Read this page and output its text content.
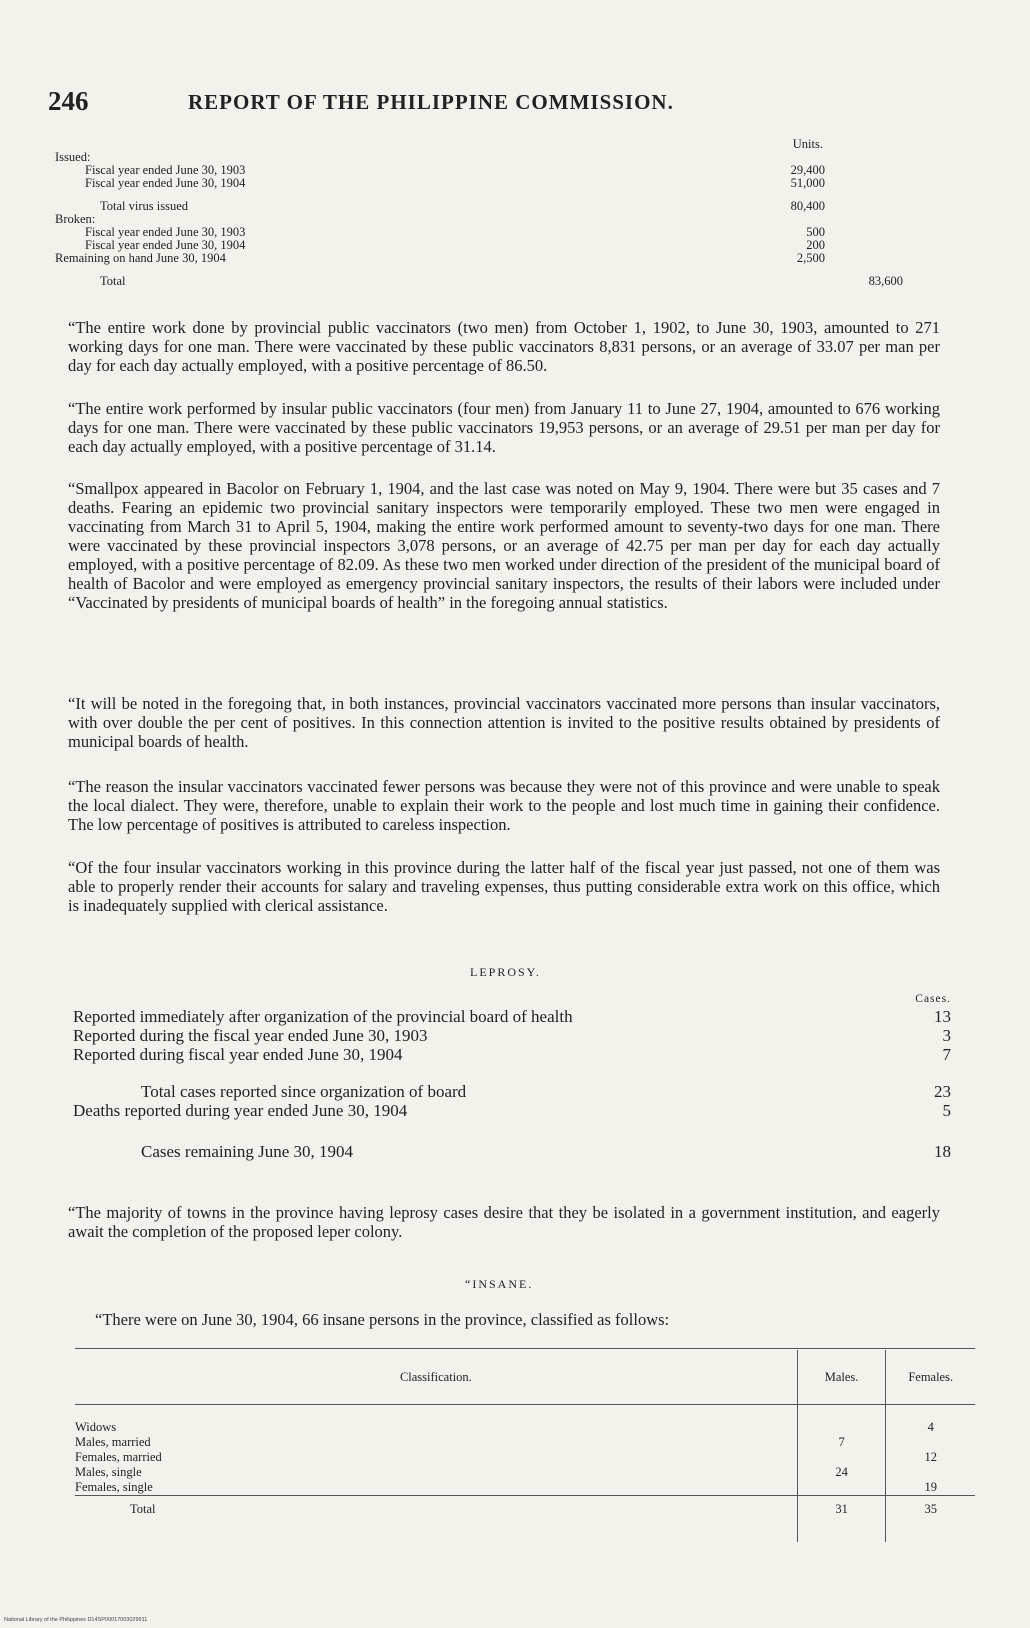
246	REPORT OF THE PHILIPPINE COMMISSION.
Units.
Issued:
Fiscal year ended June 30, 1903	29,400
Fiscal year ended June 30, 1904	51,000
Total virus issued	80,400
Broken:
Fiscal year ended June 30, 1903	500
Fiscal year ended June 30, 1904	200
Remaining on hand June 30, 1904	2,500
Total	83,600

“The entire work done by provincial public vaccinators (two men) from October 1, 1902, to June 30, 1903, amounted to 271 working days for one man. There were vaccinated by these public vaccinators 8,831 persons, or an average of 33.07 per man per day for each day actually employed, with a positive percentage of 86.50.

“The entire work performed by insular public vaccinators (four men) from January 11 to June 27, 1904, amounted to 676 working days for one man. There were vaccinated by these public vaccinators 19,953 persons, or an average of 29.51 per man per day for each day actually employed, with a positive percentage of 31.14.

“Smallpox appeared in Bacolor on February 1, 1904, and the last case was noted on May 9, 1904. There were but 35 cases and 7 deaths. Fearing an epidemic two provincial sanitary inspectors were temporarily employed. These two men were engaged in vaccinating from March 31 to April 5, 1904, making the entire work performed amount to seventy-two days for one man. There were vaccinated by these provincial inspectors 3,078 persons, or an average of 42.75 per man per day for each day actually employed, with a positive percentage of 82.09. As these two men worked under direction of the president of the municipal board of health of Bacolor and were employed as emergency provincial sanitary inspectors, the results of their labors were included under “Vaccinated by presidents of municipal boards of health” in the foregoing annual statistics.

“It will be noted in the foregoing that, in both instances, provincial vaccinators vaccinated more persons than insular vaccinators, with over double the per cent of positives. In this connection attention is invited to the positive results obtained by presidents of municipal boards of health.

“The reason the insular vaccinators vaccinated fewer persons was because they were not of this province and were unable to speak the local dialect. They were, therefore, unable to explain their work to the people and lost much time in gaining their confidence. The low percentage of positives is attributed to careless inspection.

“Of the four insular vaccinators working in this province during the latter half of the fiscal year just passed, not one of them was able to properly render their accounts for salary and traveling expenses, thus putting considerable extra work on this office, which is inadequately supplied with clerical assistance.

LEPROSY.
Cases.
Reported immediately after organization of the provincial board of health	13
Reported during the fiscal year ended June 30, 1903	3
Reported during fiscal year ended June 30, 1904	7
Total cases reported since organization of board	23
Deaths reported during year ended June 30, 1904	5
Cases remaining June 30, 1904	18

“The majority of towns in the province having leprosy cases desire that they be isolated in a government institution, and eagerly await the completion of the proposed leper colony.

“INSANE.

“There were on June 30, 1904, 66 insane persons in the province, classified as follows:

Classification.	Males.	Females.

Widows		4
Males, married	7	
Females, married		12
Males, single	24	
Females, single		19
Total	31	35
National Library of the Philippines D14SP00017003029911
